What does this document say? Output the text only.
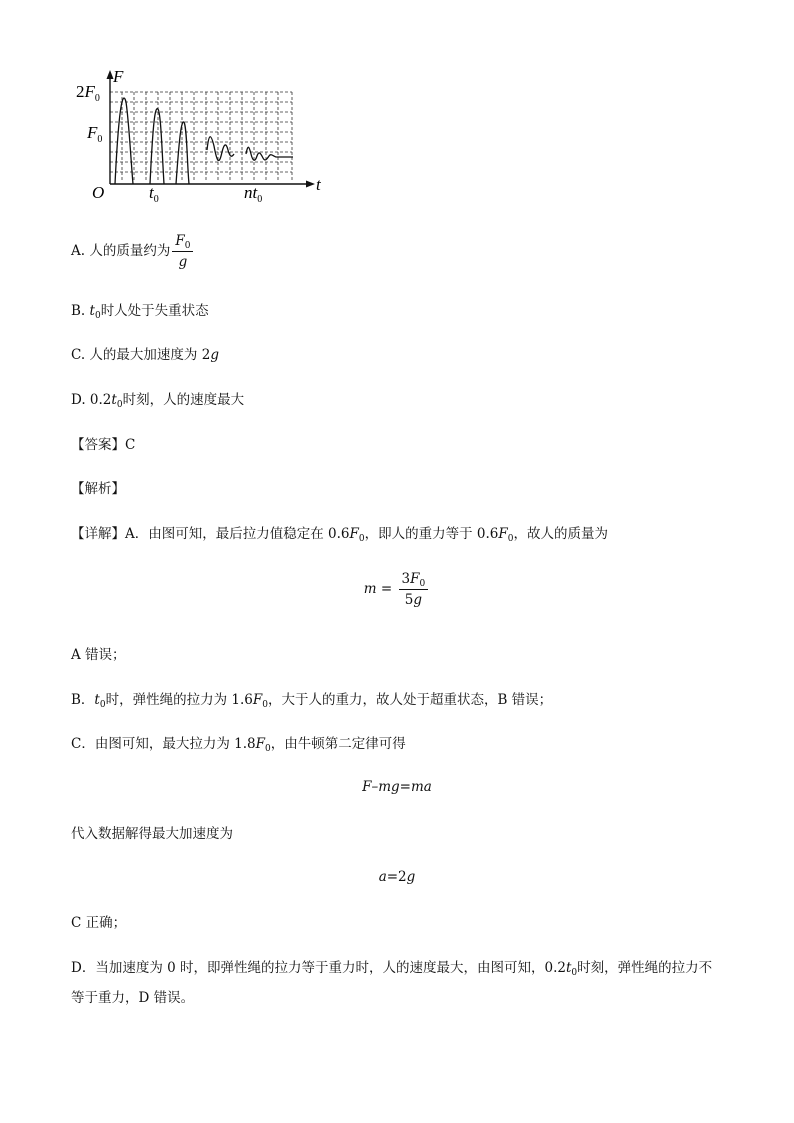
$2F_0$
F
$F_0$
O	t
$t_0$	$nt_0$
A. 人的质量约为 $\frac{F_0}{g}$
B. $t_0$时人处于失重状态
C. 人的最大加速度为 2g
D. $0.2t_0$时刻，人的速度最大
【答案】C
【解析】
【详解】A．由图可知，最后拉力值稳定在 $0.6F_0$，即人的重力等于 $0.6F_0$，故人的质量为
$m = \frac{3F_0}{5g}$
A 错误；
B．$t_0$时，弹性绳的拉力为 $1.6F_0$，大于人的重力，故人处于超重状态，B 错误；
C．由图可知，最大拉力为 $1.8F_0$，由牛顿第二定律可得
F–mg=ma
代入数据解得最大加速度为
a=2g
C 正确；
D．当加速度为 0 时，即弹性绳的拉力等于重力时，人的速度最大，由图可知，$0.2t_0$时刻，弹性绳的拉力不
等于重力，D 错误。
